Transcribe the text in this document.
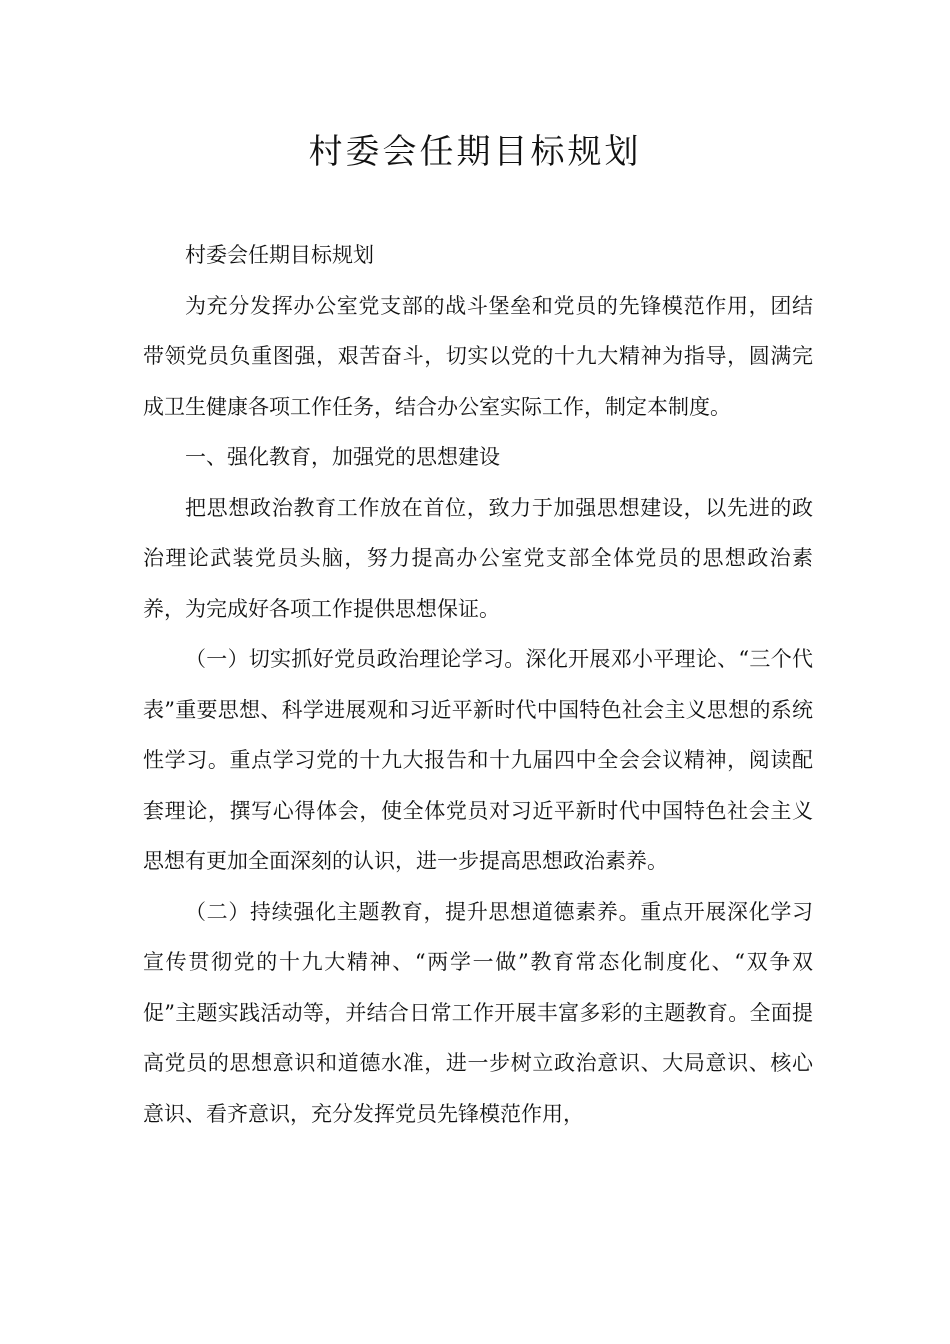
村委会任期目标规划

村委会任期目标规划

为充分发挥办公室党支部的战斗堡垒和党员的先锋模范作用，团结带领党员负重图强，艰苦奋斗，切实以党的十九大精神为指导，圆满完成卫生健康各项工作任务，结合办公室实际工作，制定本制度。

一、强化教育，加强党的思想建设

把思想政治教育工作放在首位，致力于加强思想建设，以先进的政治理论武装党员头脑，努力提高办公室党支部全体党员的思想政治素养，为完成好各项工作提供思想保证。

（一）切实抓好党员政治理论学习。深化开展邓小平理论、“三个代表”重要思想、科学进展观和习近平新时代中国特色社会主义思想的系统性学习。重点学习党的十九大报告和十九届四中全会会议精神，阅读配套理论，撰写心得体会，使全体党员对习近平新时代中国特色社会主义思想有更加全面深刻的认识，进一步提高思想政治素养。

（二）持续强化主题教育，提升思想道德素养。重点开展深化学习宣传贯彻党的十九大精神、“两学一做”教育常态化制度化、“双争双促”主题实践活动等，并结合日常工作开展丰富多彩的主题教育。全面提高党员的思想意识和道德水准，进一步树立政治意识、大局意识、核心意识、看齐意识，充分发挥党员先锋模范作用，
